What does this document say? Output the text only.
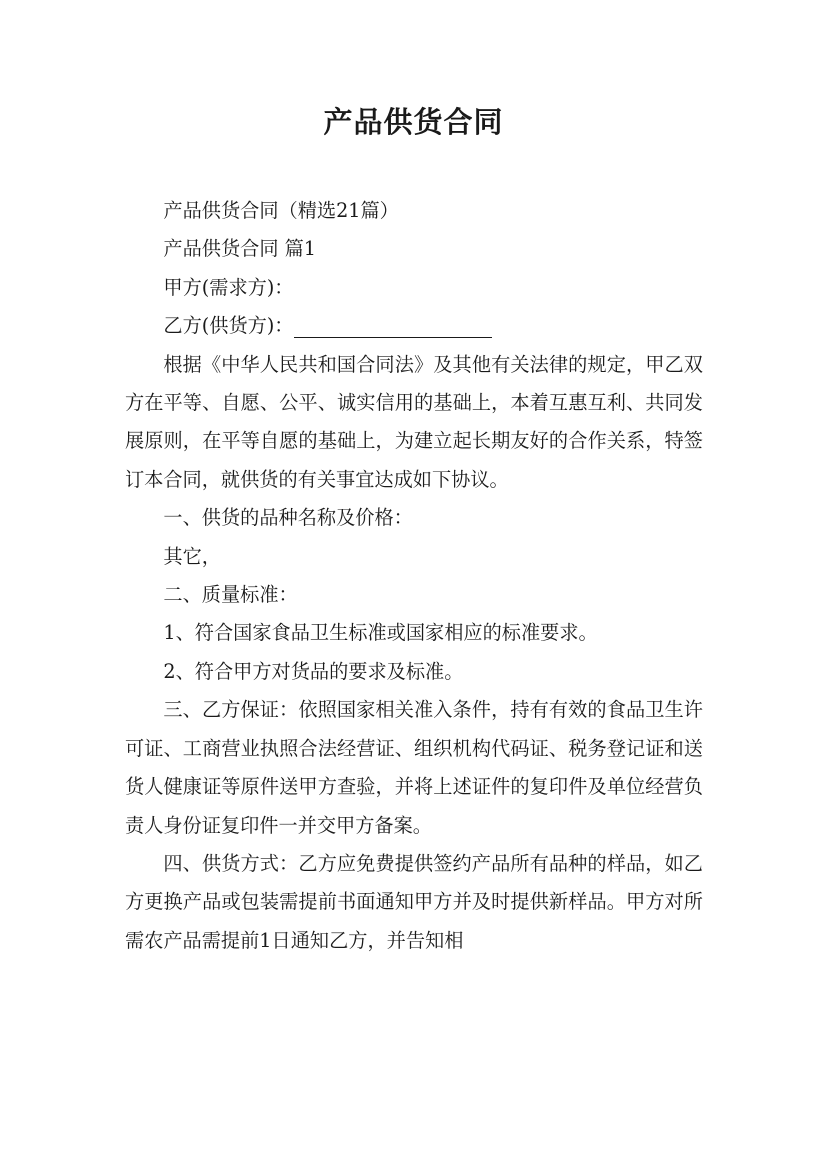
产品供货合同

产品供货合同（精选21篇）

产品供货合同 篇1

甲方(需求方)：

乙方(供货方)：

根据《中华人民共和国合同法》及其他有关法律的规定，甲乙双方在平等、自愿、公平、诚实信用的基础上，本着互惠互利、共同发展原则，在平等自愿的基础上，为建立起长期友好的合作关系，特签订本合同，就供货的有关事宜达成如下协议。

一、供货的品种名称及价格：

其它，

二、质量标准：

1、符合国家食品卫生标准或国家相应的标准要求。

2、符合甲方对货品的要求及标准。

三、乙方保证：依照国家相关准入条件，持有有效的食品卫生许可证、工商营业执照合法经营证、组织机构代码证、税务登记证和送货人健康证等原件送甲方查验，并将上述证件的复印件及单位经营负责人身份证复印件一并交甲方备案。

四、供货方式：乙方应免费提供签约产品所有品种的样品，如乙方更换产品或包装需提前书面通知甲方并及时提供新样品。甲方对所需农产品需提前1日通知乙方，并告知相
